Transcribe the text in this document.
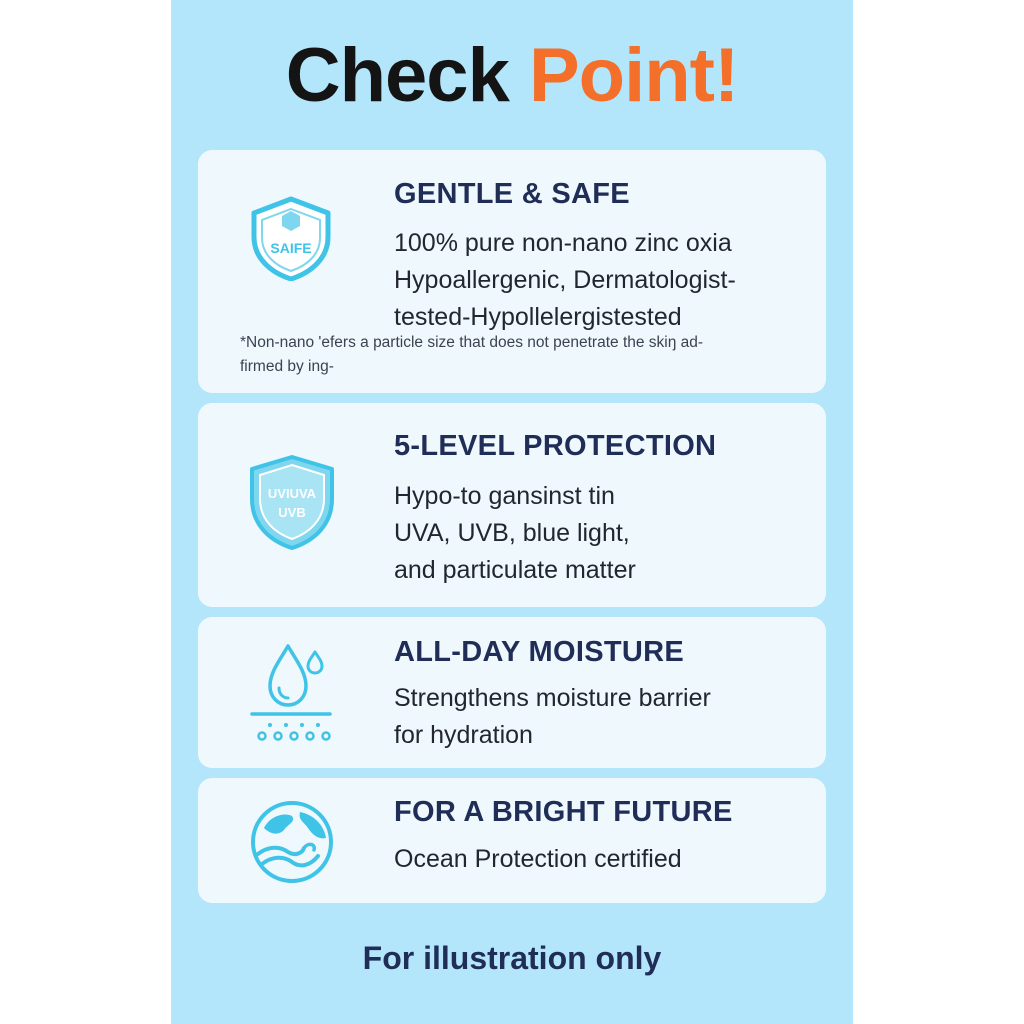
Check Point!
SAIFE
GENTLE & SAFE
100% pure non-nano zinc oxia
Hypoallergenic, Dermatologist-
tested-Hypollelergistested
*Non-nano 'efers a particle size that does not penetrate the skiŋ ad-
firmed by ing-
UVIUVA
UVB
5-LEVEL PROTECTION
Hypo-to gansinst tin
UVA, UVB, blue light,
and particulate matter
ALL-DAY MOISTURE
Strengthens moisture barrier
for hydration
FOR A BRIGHT FUTURE
Ocean Protection certified
For illustration only
